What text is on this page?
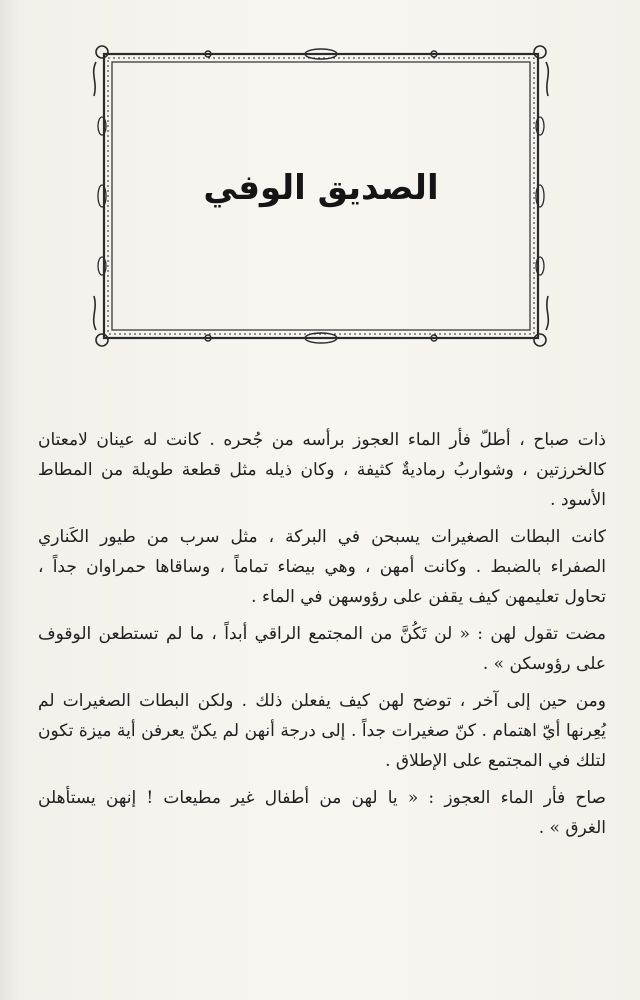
الصديق الوفي
ذات صباح ، أطلّ فأر الماء العجوز برأسه من جُحره . كانت له عينان لامعتان
كالخرزتين ، وشواربُ رماديةٌ كثيفة ، وكان ذيله مثل قطعة طويلة من المطاط
الأسود .
كانت البطات الصغيرات يسبحن في البركة ، مثل سرب من طيور الكَناري
الصفراء بالضبط . وكانت أمهن ، وهي بيضاء تماماً ، وساقاها حمراوان جداً ،
تحاول تعليمهن كيف يقفن على رؤوسهن في الماء .
مضت تقول لهن : « لن تَكُنَّ من المجتمع الراقي أبداً ، ما لم تستطعن الوقوف
على رؤوسكن » .
ومن حين إلى آخر ، توضح لهن كيف يفعلن ذلك . ولكن البطات الصغيرات لم
يُعِرنها أيّ اهتمام . كنّ صغيرات جداً . إلى درجة أنهن لم يكنّ يعرفن أية ميزة تكون
لتلك في المجتمع على الإطلاق .
صاح فأر الماء العجوز : « يا لهن من أطفال غير مطيعات ! إنهن يستأهلن
الغرق » .
